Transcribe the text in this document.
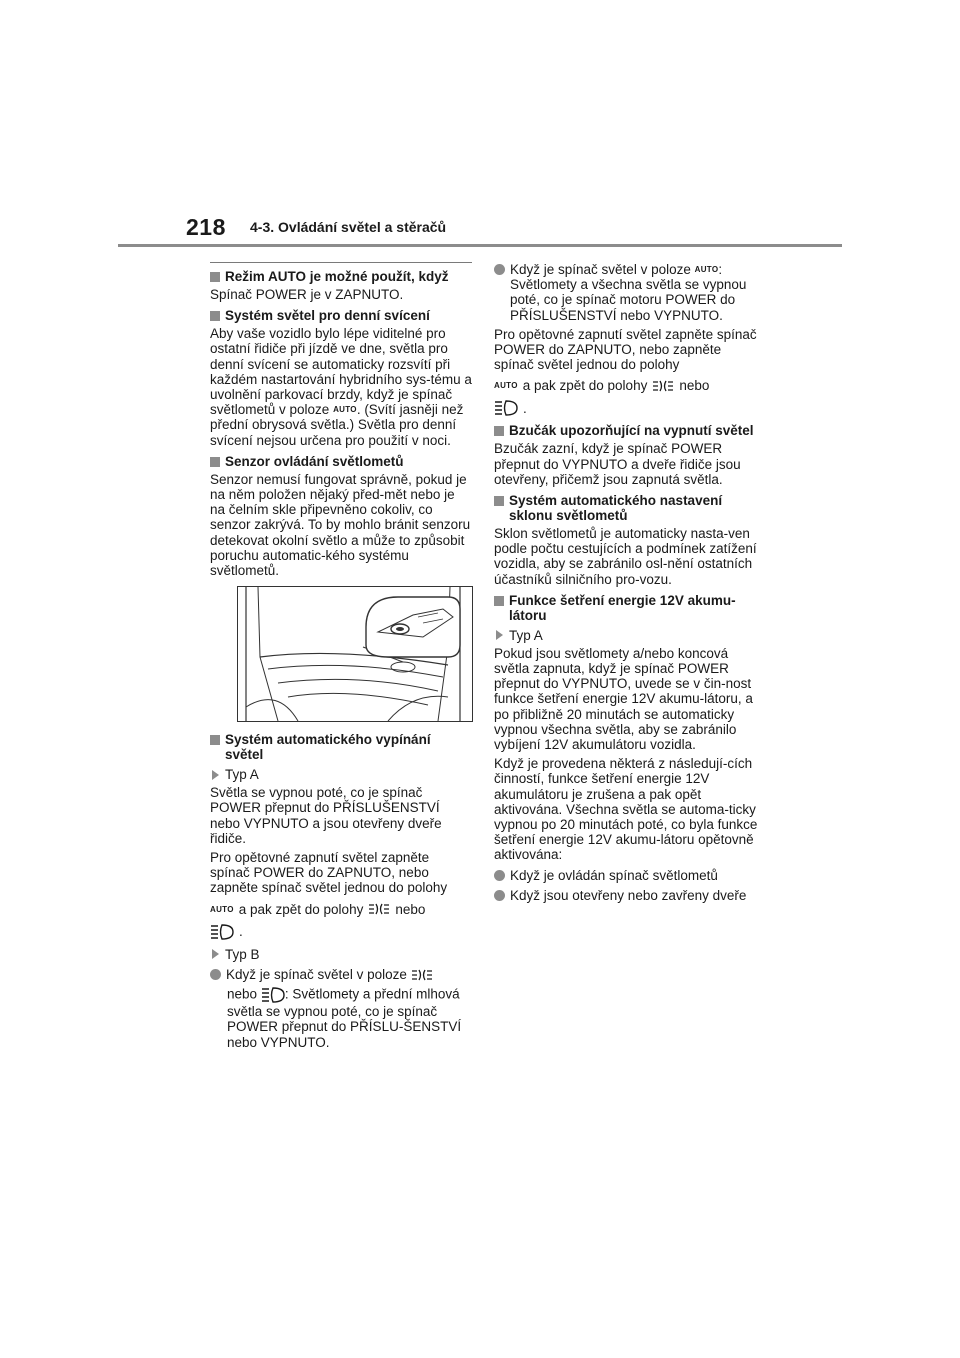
218 4-3. Ovládání světel a stěračů
Režim AUTO je možné použít, když
Spínač POWER je v ZAPNUTO.
Systém světel pro denní svícení
Aby vaše vozidlo bylo lépe viditelné pro ostatní řidiče při jízdě ve dne, světla pro denní svícení se automaticky rozsvítí při každém nastartování hybridního sys-tému a uvolnění parkovací brzdy, když je spínač světlometů v poloze AUTO. (Svítí jasněji než přední obrysová světla.) Světla pro denní svícení nejsou určena pro použití v noci.
Senzor ovládání světlometů
Senzor nemusí fungovat správně, pokud je na něm položen nějaký před-mět nebo je na čelním skle připevněno cokoliv, co senzor zakrývá. To by mohlo bránit senzoru detekovat okolní světlo a může to způsobit poruchu automatic-kého systému světlometů.
Systém automatického vypínání světel
Typ A
Světla se vypnou poté, co je spínač POWER přepnut do PŘÍSLUŠENSTVÍ nebo VYPNUTO a jsou otevřeny dveře řidiče.
Pro opětovné zapnutí světel zapněte spínač POWER do ZAPNUTO, nebo zapněte spínač světel jednou do polohy
AUTO a pak zpět do polohy nebo
.
Typ B
Když je spínač světel v poloze
nebo : Světlomety a přední mlhová světla se vypnou poté, co je spínač POWER přepnut do PŘÍSLU-ŠENSTVÍ nebo VYPNUTO.
Když je spínač světel v poloze AUTO: Světlomety a všechna světla se vypnou poté, co je spínač motoru POWER do PŘÍSLUŠENSTVÍ nebo VYPNUTO.
Pro opětovné zapnutí světel zapněte spínač POWER do ZAPNUTO, nebo zapněte spínač světel jednou do polohy
AUTO a pak zpět do polohy nebo
.
Bzučák upozorňující na vypnutí světel
Bzučák zazní, když je spínač POWER přepnut do VYPNUTO a dveře řidiče jsou otevřeny, přičemž jsou zapnutá světla.
Systém automatického nastavení sklonu světlometů
Sklon světlometů je automaticky nasta-ven podle počtu cestujících a podmínek zatížení vozidla, aby se zabránilo osl-nění ostatních účastníků silničního pro-vozu.
Funkce šetření energie 12V akumu-látoru
Typ A
Pokud jsou světlomety a/nebo koncová světla zapnuta, když je spínač POWER přepnut do VYPNUTO, uvede se v čin-nost funkce šetření energie 12V akumu-látoru, a po přibližně 20 minutách se automaticky vypnou všechna světla, aby se zabránilo vybíjení 12V akumulátoru vozidla.
Když je provedena některá z následují-cích činností, funkce šetření energie 12V akumulátoru je zrušena a pak opět aktivována. Všechna světla se automa-ticky vypnou po 20 minutách poté, co byla funkce šetření energie 12V akumu-látoru opětovně aktivována:
Když je ovládán spínač světlometů
Když jsou otevřeny nebo zavřeny dveře
